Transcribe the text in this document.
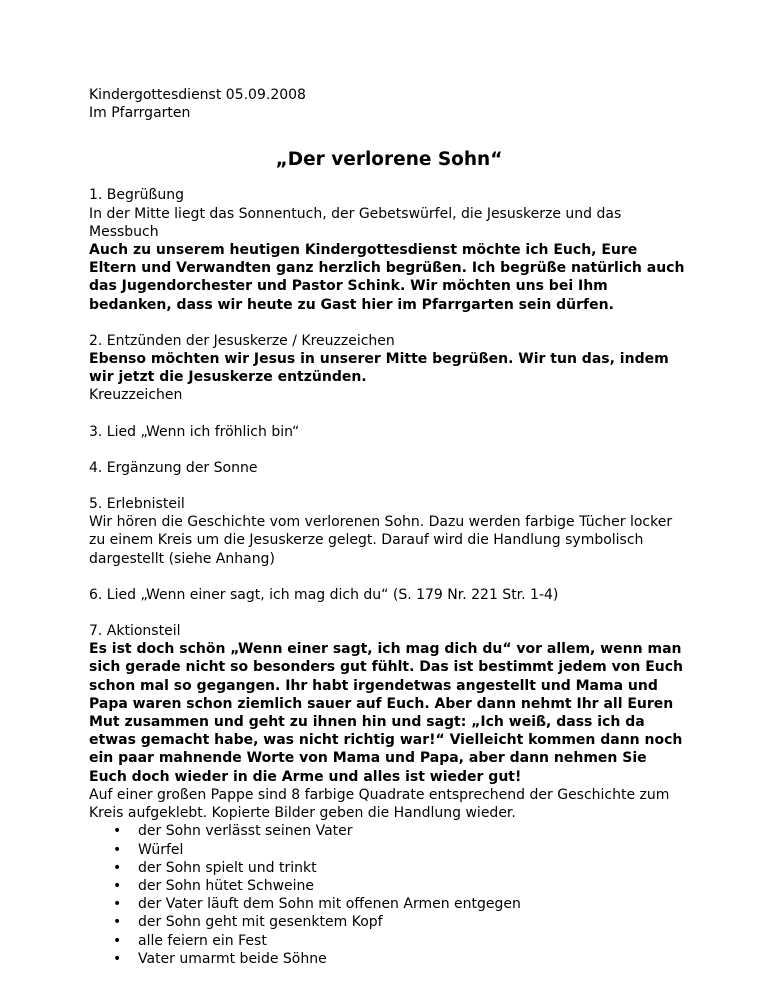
Kindergottesdienst 05.09.2008
Im Pfarrgarten
„Der verlorene Sohn“
1. Begrüßung
In der Mitte liegt das Sonnentuch, der Gebetswürfel, die Jesuskerze und das Messbuch
Auch zu unserem heutigen Kindergottesdienst möchte ich Euch, Eure Eltern und Verwandten ganz herzlich begrüßen. Ich begrüße natürlich auch das Jugendorchester und Pastor Schink. Wir möchten uns bei Ihm bedanken, dass wir heute zu Gast hier im Pfarrgarten sein dürfen.
2. Entzünden der Jesuskerze / Kreuzzeichen
Ebenso möchten wir Jesus in unserer Mitte begrüßen. Wir tun das, indem wir jetzt die Jesuskerze entzünden.
Kreuzzeichen
3. Lied „Wenn ich fröhlich bin“
4. Ergänzung der Sonne
5. Erlebnisteil
Wir hören die Geschichte vom verlorenen Sohn. Dazu werden farbige Tücher locker zu einem Kreis um die Jesuskerze gelegt. Darauf wird die Handlung symbolisch dargestellt (siehe Anhang)
6. Lied „Wenn einer sagt, ich mag dich du“ (S. 179 Nr. 221 Str. 1-4)
7. Aktionsteil
Es ist doch schön „Wenn einer sagt, ich mag dich du“ vor allem, wenn man sich gerade nicht so besonders gut fühlt. Das ist bestimmt jedem von Euch schon mal so gegangen. Ihr habt irgendetwas angestellt und Mama und Papa waren schon ziemlich sauer auf Euch. Aber dann nehmt Ihr all Euren Mut zusammen und geht zu ihnen hin und sagt: „Ich weiß, dass ich da etwas gemacht habe, was nicht richtig war!“ Vielleicht kommen dann noch ein paar mahnende Worte von Mama und Papa, aber dann nehmen Sie Euch doch wieder in die Arme und alles ist wieder gut!
Auf einer großen Pappe sind 8 farbige Quadrate entsprechend der Geschichte zum Kreis aufgeklebt. Kopierte Bilder geben die Handlung wieder.
• der Sohn verlässt seinen Vater
• Würfel
• der Sohn spielt und trinkt
• der Sohn hütet Schweine
• der Vater läuft dem Sohn mit offenen Armen entgegen
• der Sohn geht mit gesenktem Kopf
• alle feiern ein Fest
• Vater umarmt beide Söhne
